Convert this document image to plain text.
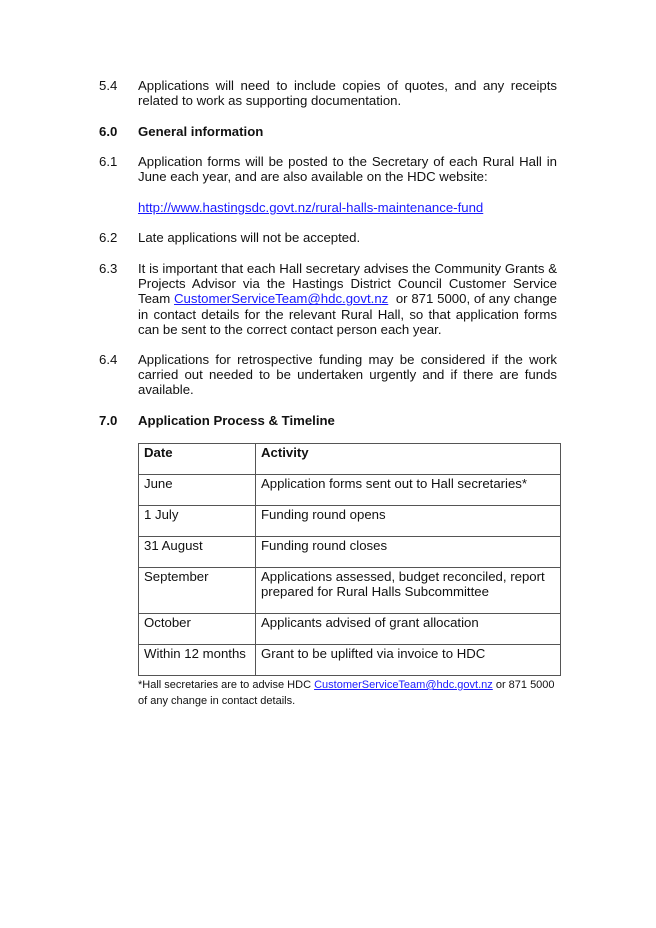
5.4 Applications will need to include copies of quotes, and any receipts related to work as supporting documentation.
6.0 General information
6.1 Application forms will be posted to the Secretary of each Rural Hall in June each year, and are also available on the HDC website:
http://www.hastingsdc.govt.nz/rural-halls-maintenance-fund
6.2 Late applications will not be accepted.
6.3 It is important that each Hall secretary advises the Community Grants & Projects Advisor via the Hastings District Council Customer Service Team CustomerServiceTeam@hdc.govt.nz  or 871 5000, of any change in contact details for the relevant Rural Hall, so that application forms can be sent to the correct contact person each year.
6.4 Applications for retrospective funding may be considered if the work carried out needed to be undertaken urgently and if there are funds available.
7.0 Application Process & Timeline
Date	Activity

June	Application forms sent out to Hall secretaries*

1 July	Funding round opens

31 August	Funding round closes

September	Applications assessed, budget reconciled, report prepared for Rural Halls Subcommittee

October	Applicants advised of grant allocation

Within 12 months	Grant to be uplifted via invoice to HDC
*Hall secretaries are to advise HDC CustomerServiceTeam@hdc.govt.nz or 871 5000 of any change in contact details.
